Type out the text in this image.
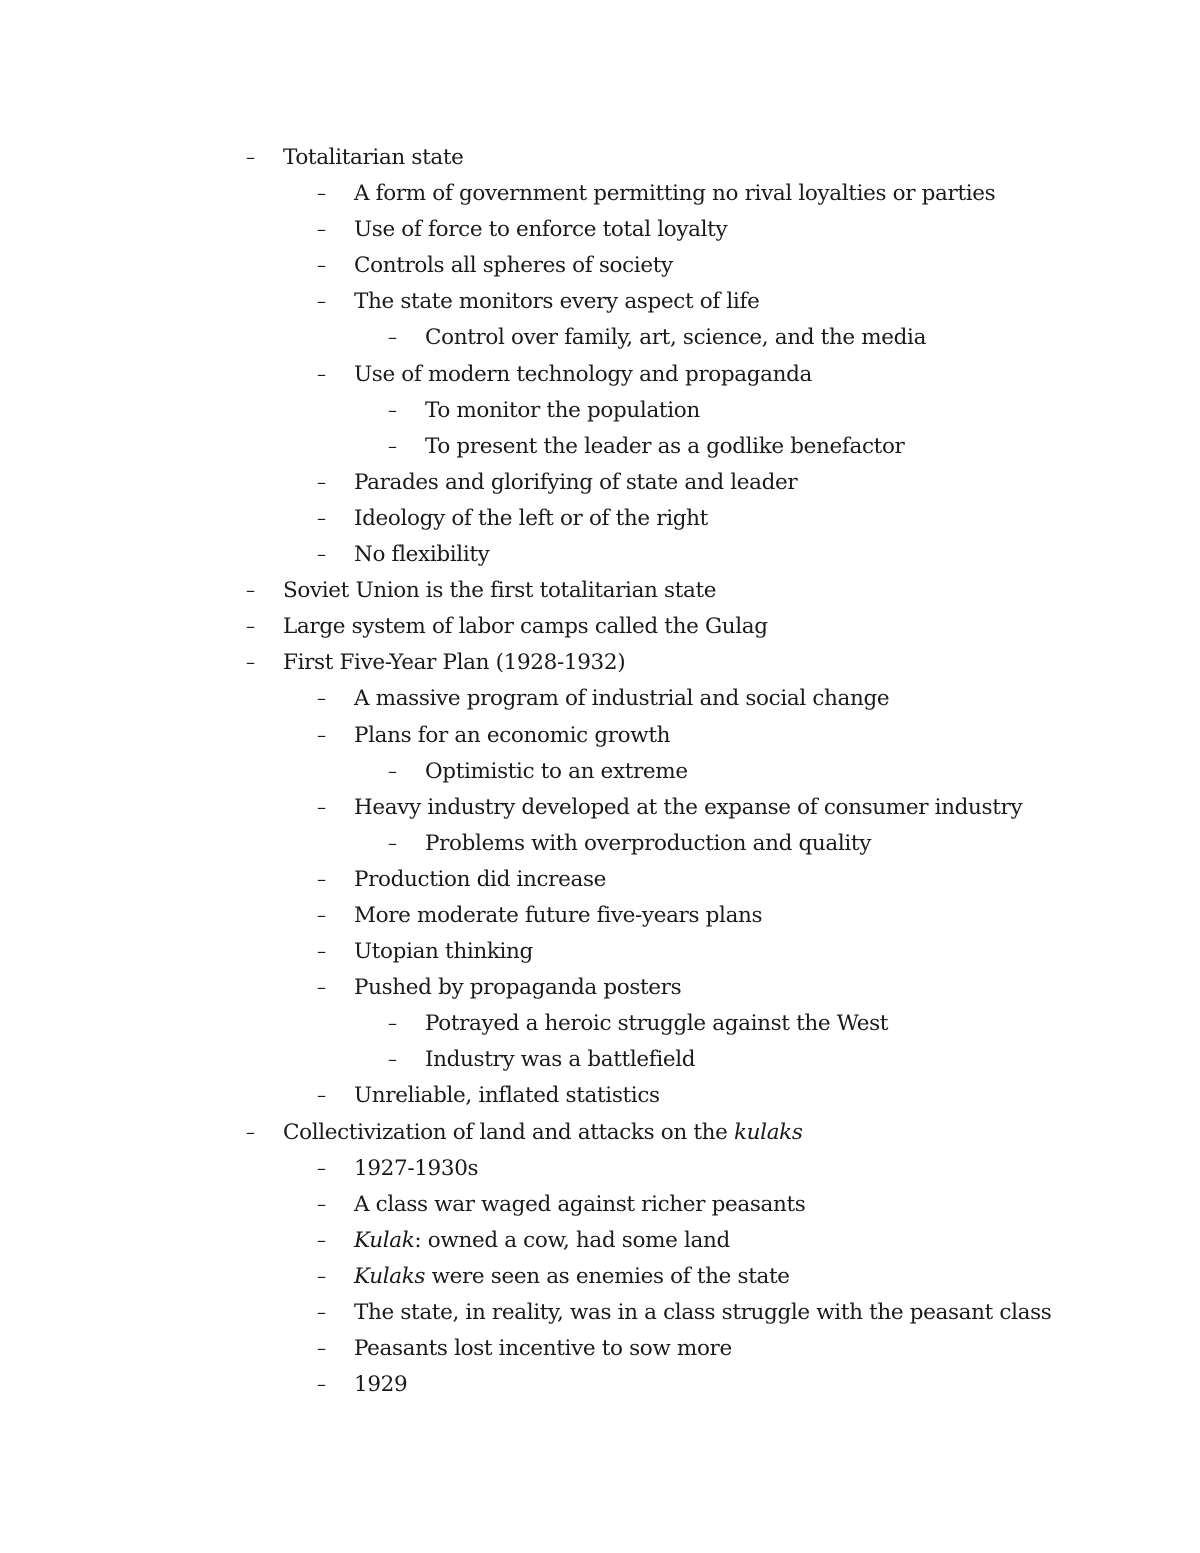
– Totalitarian state
– A form of government permitting no rival loyalties or parties
– Use of force to enforce total loyalty
– Controls all spheres of society
– The state monitors every aspect of life
– Control over family, art, science, and the media
– Use of modern technology and propaganda
– To monitor the population
– To present the leader as a godlike benefactor
– Parades and glorifying of state and leader
– Ideology of the left or of the right
– No flexibility
– Soviet Union is the first totalitarian state
– Large system of labor camps called the Gulag
– First Five-Year Plan (1928-1932)
– A massive program of industrial and social change
– Plans for an economic growth
– Optimistic to an extreme
– Heavy industry developed at the expanse of consumer industry
– Problems with overproduction and quality
– Production did increase
– More moderate future five-years plans
– Utopian thinking
– Pushed by propaganda posters
– Potrayed a heroic struggle against the West
– Industry was a battlefield
– Unreliable, inflated statistics
– Collectivization of land and attacks on the kulaks
– 1927-1930s
– A class war waged against richer peasants
– Kulak: owned a cow, had some land
– Kulaks were seen as enemies of the state
– The state, in reality, was in a class struggle with the peasant class
– Peasants lost incentive to sow more
– 1929
